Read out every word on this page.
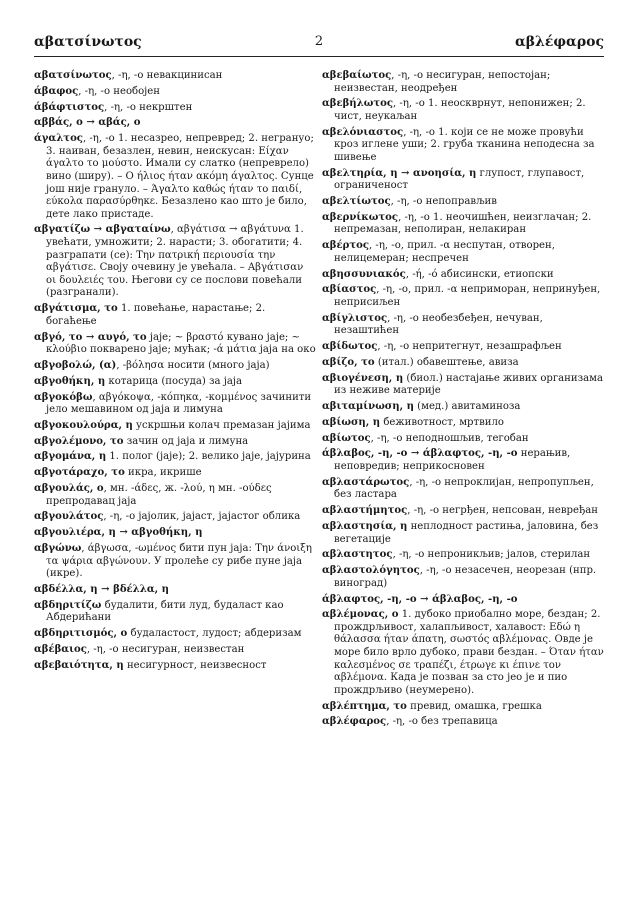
αβατσίνωτος	2	αβλέφαρος

αβατσίνωτος, -η, -ο невакцинисан

άβαφος, -η, -ο необојен

άβάφτιστος, -η, -ο некрштен

αββάς, ο → αβάς, ο

άγαλτος, -η, -ο 1. несазрео, непревред; 2. негрануо; 3. наиван, безазлен, невин, неискусан: Είχαν άγαλτο το μούστο. Имали су слатко (непреврело) вино (шиpу). – Ο ήλιος ήταν ακόμη άγαλτος. Сунце још није грануло. – Άγαλτο καθώς ήταν το παιδί, εύκολα παρασύρθηκε. Безазлено као што је било, дете лако пристаде.

αβγατίζω → αβγαταίνω, αβγάτισα → αβγάτυνα 1. увећати, умножити; 2. нарасти; 3. обогатити; 4. разграпати (се): Την πατρική περιουσία την αβγάτισε. Своју очевину је увећала. – Αβγάτισαν οι δουλειές του. Његови су се послови повећали (разгранали).

αβγάτισμα, το 1. повећање, нарастање; 2. богаћење

αβγό, το → αυγό, το јаје; ~ βραστό кувано јаје; ~ κλούβιο покварено јаје; мућак; -ά μάτια јаја на око

αβγοβολώ, (α), -βόλησα носити (много јаја)

αβγοθήκη, η котарица (посуда) за јаја

αβγοκόβω, αβγόκοψα, -κόπηκα, -κομμένος зачинити јело мешавином од јаја и лимуна

αβγοκουλούρα, η ускршњи колач премазан јајима

αβγολέμονο, το зачин од јаја и лимуна

αβγομάνα, η 1. полог (јаје); 2. велико јаје, јајурина

αβγοτάραχο, το икра, икрише

αβγουλάς, ο, мн. -άδες, ж. -λού, η мн. -ούδες препродавац јаја

αβγουλάτος, -η, -ο јајолик, јајаст, јајастог облика

αβγουλιέρα, η → αβγοθήκη, η

αβγώνω, άβγωσα, -ωμένος бити пун јаја: Την άνοιξη τα ψάρια αβγώνουν. У пролеће су рибе пуне јаја (икре).

αβδέλλα, η → βδέλλα, η

αβδηριτίζω будалити, бити луд, будаласт као Абдерићани

αβδηριτισμός, ο будаластост, лудост; абдеризам

αβέβαιος, -η, -ο несигуран, неизвестан

αβεβαιότητα, η несигурност, неизвесност

αβεβαίωτος, -η, -ο несигуран, непостојан; неизвестан, неодређен

αβεβήλωτος, -η, -ο 1. неоскврнут, непонижен; 2. чист, неукаљан

αβελόνιαστος, -η, -ο 1. који се не може провући кроз иглене уши; 2. груба тканина неподесна за шивење

αβελτηρία, η → ανοησία, η глупост, глупавост, ограниченост

αβελτίωτος, -η, -ο непоправљив

αβερνίκωτος, -η, -ο 1. неочишћен, неизглачан; 2. непремазан, неполиран, нелакиран

αβέρτος, -η, -ο, прил. -α неспутан, отворен, нелицемеран; неспречен

αβησσυνιακός, -ή, -ό абисински, етиопски

αβίαστος, -η, -ο, прил. -α неприморан, непринуђен, неприсиљен

αβίγλιστος, -η, -ο необезбеђен, нечуван, незаштићен

αβίδωτος, -η, -ο непритегнут, незашрафљен

αβίζο, το (итал.) обавештење, авиза

αβιογένεση, η (биол.) настајање живих организама из неживе материје

αβιταμίνωση, η (мед.) авитаминоза

αβίωση, η беживотност, мртвило

αβίωτος, -η, -ο неподношљив, тегобан

άβλαβος, -η, -ο → άβλαφτος, -η, -ο нерањив, неповредив; неприкосновен

αβλαστάρωτος, -η, -ο непроклијан, непропупљен, без ластара

αβλαστήμητος, -η, -ο негрђен, непсован, невређан

αβλαστησία, η неплодност растиња, јаловина, без вегетације

αβλαστητος, -η, -ο непроникљив; јалов, стерилан

αβλαστολόγητος, -η, -ο незасечен, неорезан (нпр. виноград)

άβλαφτος, -η, -ο → άβλαβος, -η, -ο

αβλέμονας, ο 1. дубоко приобално море, бездан; 2. прождрљивост, халапљивост, халавост: Εδώ η θάλασσα ήταν άπατη, σωστός αβλέμονας. Овде је море било врло дубоко, прави бездан. – Όταν ήταν καλεσμένος σε τραπέζι, έτρωγε κι έπινε τον αβλέμονα. Када је позван за сто јео је и пио прождрљиво (неумерено).

αβλέπτημα, το превид, омашка, грешка

αβλέφαρος, -η, -ο без трепавица
